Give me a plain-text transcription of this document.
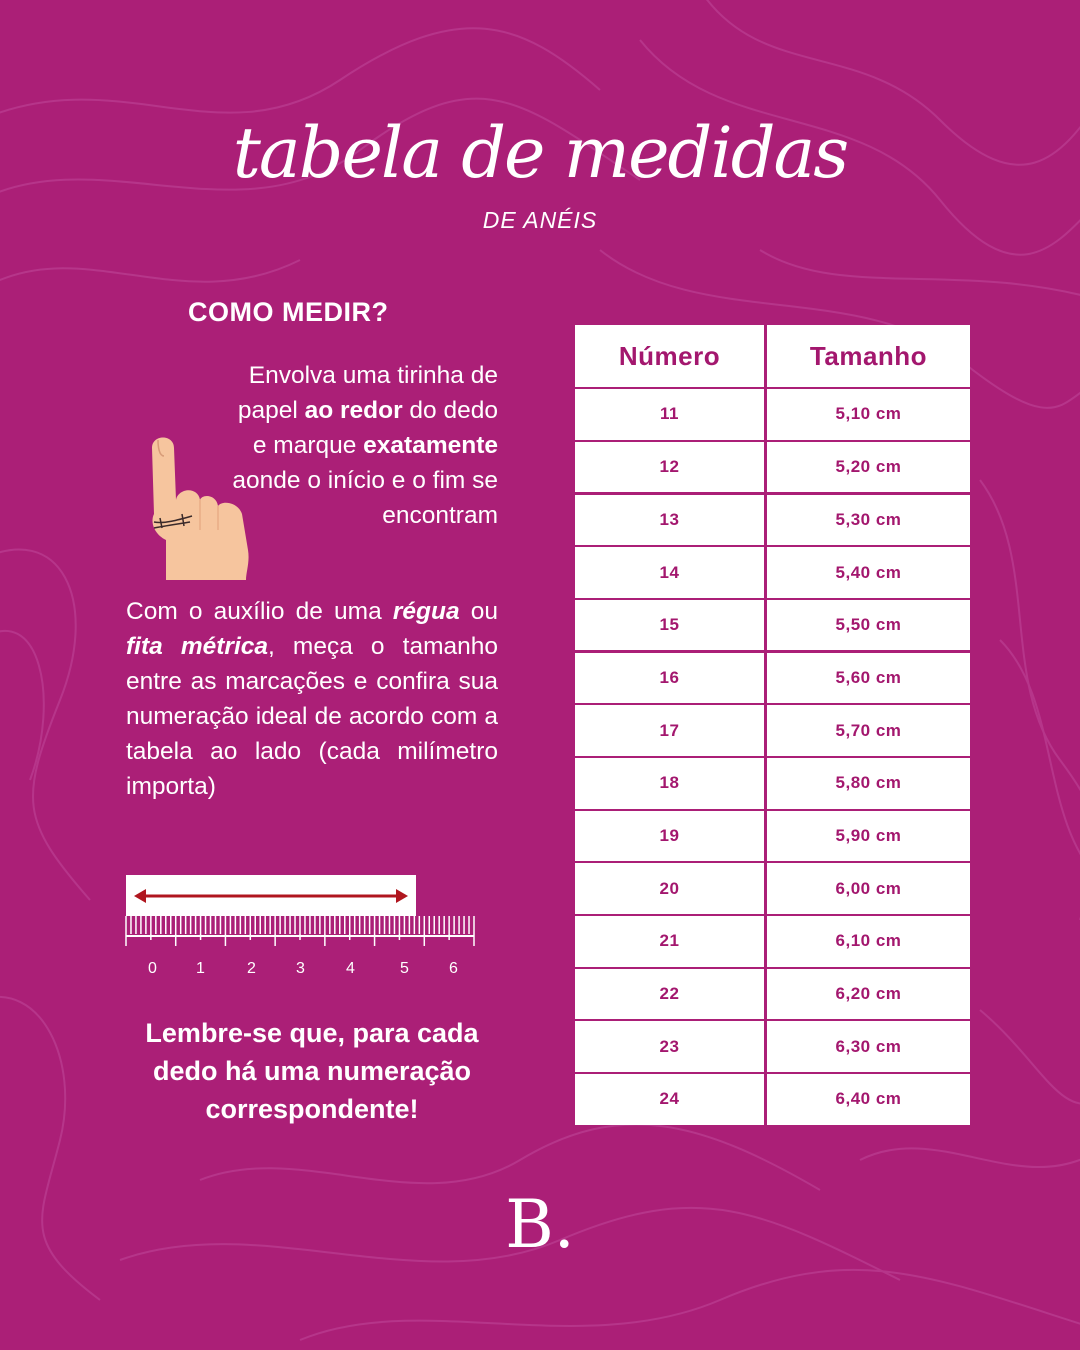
tabela de medidas
DE ANÉIS
COMO MEDIR?
Envolva uma tirinha de papel ao redor do dedo e marque exatamente aonde o início e o fim se encontram
Com o auxílio de uma régua ou fita métrica, meça o tamanho entre as marcações e confira sua numeração ideal de acordo com a tabela ao lado (cada milímetro importa)
0 1	2	3	4	5	6
Lembre-se que, para cada dedo há uma numeração correspondente!
Número	Tamanho
11	5,10 cm
12	5,20 cm
13	5,30 cm
14	5,40 cm
15	5,50 cm
16	5,60 cm
17	5,70 cm
18	5,80 cm
19	5,90 cm
20	6,00 cm
21	6,10 cm
22	6,20 cm
23	6,30 cm
24	6,40 cm
B.
